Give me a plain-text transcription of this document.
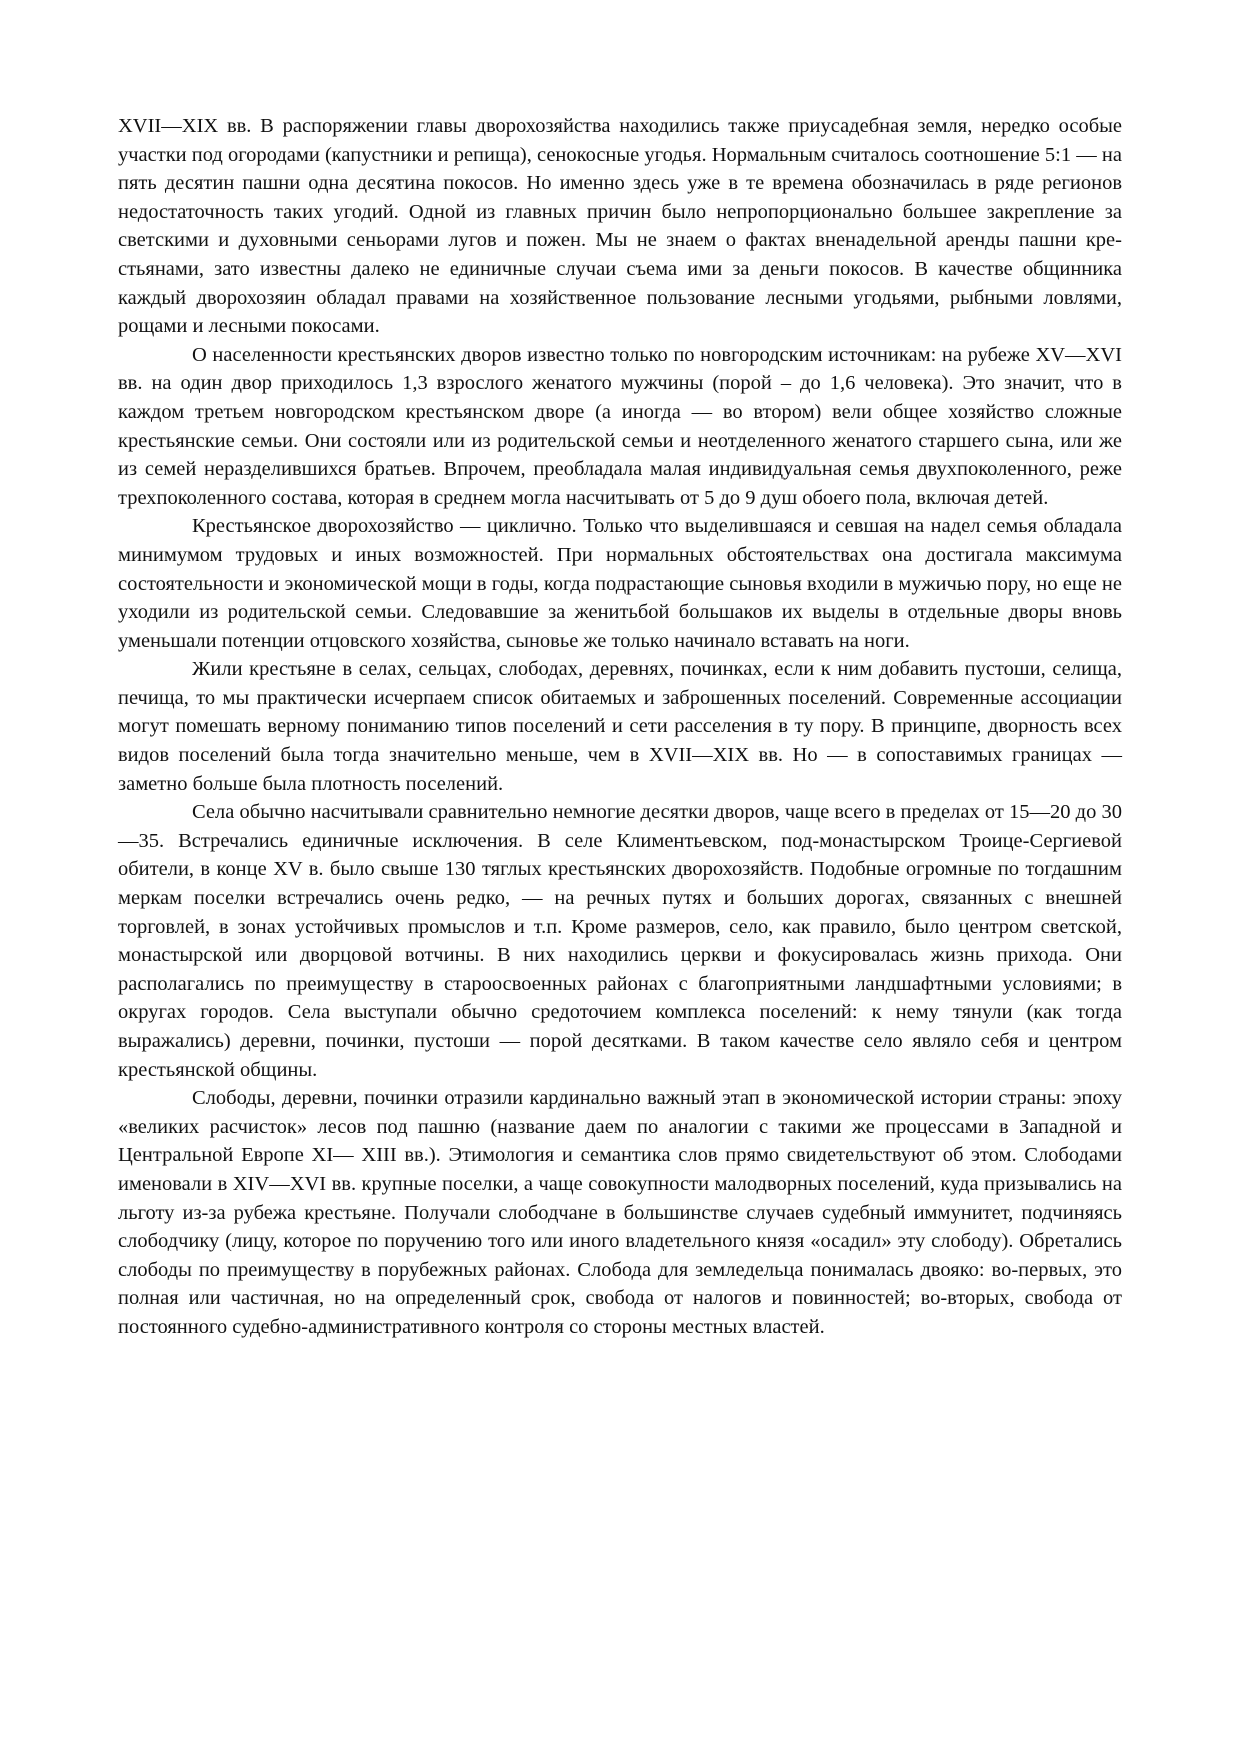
XVII—XIX вв. В распоряжении главы дворохозяйства находились также приусадебная земля, нередко особые участки под огородами (капустники и репища), сенокосные угодья. Нормальным считалось соотношение 5:1 — на пять десятин пашни одна десятина покосов. Но именно здесь уже в те времена обозначилась в ряде регионов недостаточность таких угодий. Одной из главных причин было непропорционально большее закрепление за светскими и духовными сеньорами лугов и пожен. Мы не знаем о фактах вненадельной аренды пашни крестьянами, зато известны далеко не единичные случаи съема ими за деньги покосов. В качестве общинника каждый дворохозяин обладал правами на хозяйственное пользование лесными угодьями, рыбными ловлями, рощами и лесными покосами.

О населенности крестьянских дворов известно только по новгородским источникам: на рубеже XV—XVI вв. на один двор приходилось 1,3 взрослого женатого мужчины (порой – до 1,6 человека). Это значит, что в каждом третьем новгородском крестьянском дворе (а иногда — во втором) вели общее хозяйство сложные крестьянские семьи. Они состояли или из родительской семьи и неотделенного женатого старшего сына, или же из семей неразделившихся братьев. Впрочем, преобладала малая индивидуальная семья двухпоколенного, реже трехпоколенного состава, которая в среднем могла насчитывать от 5 до 9 душ обоего пола, включая детей.

Крестьянское дворохозяйство — циклично. Только что выделившаяся и севшая на надел семья обладала минимумом трудовых и иных возможностей. При нормальных обстоятельствах она достигала максимума состоятельности и экономической мощи в годы, когда подрастающие сыновья входили в мужичью пору, но еще не уходили из родительской семьи. Следовавшие за женитьбой большаков их выделы в отдельные дворы вновь уменьшали потенции отцовского хозяйства, сыновье же только начинало вставать на ноги.

Жили крестьяне в селах, сельцах, слободах, деревнях, починках, если к ним добавить пустоши, селища, печища, то мы практически исчерпаем список обитаемых и заброшенных поселений. Современные ассоциации могут помешать верному пониманию типов поселений и сети расселения в ту пору. В принципе, дворность всех видов поселений была тогда значительно меньше, чем в XVII—XIX вв. Но — в сопоставимых границах — заметно больше была плотность поселений.

Села обычно насчитывали сравнительно немногие десятки дворов, чаще всего в пределах от 15—20 до 30—35. Встречались единичные исключения. В селе Климентьевском, под-монастырском Троице-Сергиевой обители, в конце XV в. было свыше 130 тяглых крестьянских дворохозяйств. Подобные огромные по тогдашним меркам поселки встречались очень редко, — на речных путях и больших дорогах, связанных с внешней торговлей, в зонах устойчивых промыслов и т.п. Кроме размеров, село, как правило, было центром светской, монастырской или дворцовой вотчины. В них находились церкви и фокусировалась жизнь прихода. Они располагались по преимуществу в староосвоенных районах с благоприятными ландшафтными условиями; в округах городов. Села выступали обычно средоточием комплекса поселений: к нему тянули (как тогда выражались) деревни, починки, пустоши — порой десятками. В таком качестве село являло себя и центром крестьянской общины.

Слободы, деревни, починки отразили кардинально важный этап в экономической истории страны: эпоху «великих расчисток» лесов под пашню (название даем по аналогии с такими же процессами в Западной и Центральной Европе XI— XIII вв.). Этимология и семантика слов прямо свидетельствуют об этом. Слободами именовали в XIV—XVI вв. крупные поселки, а чаще совокупности малодворных поселений, куда призывались на льготу из-за рубежа крестьяне. Получали слободчане в большинстве случаев судебный иммунитет, подчиняясь слободчику (лицу, которое по поручению того или иного владетельного князя «осадил» эту слободу). Обретались слободы по преимуществу в порубежных районах. Слобода для земледельца понималась двояко: во-первых, это полная или частичная, но на определенный срок, свобода от налогов и повинностей; во-вторых, свобода от постоянного судебно-административного контроля со стороны местных властей.
